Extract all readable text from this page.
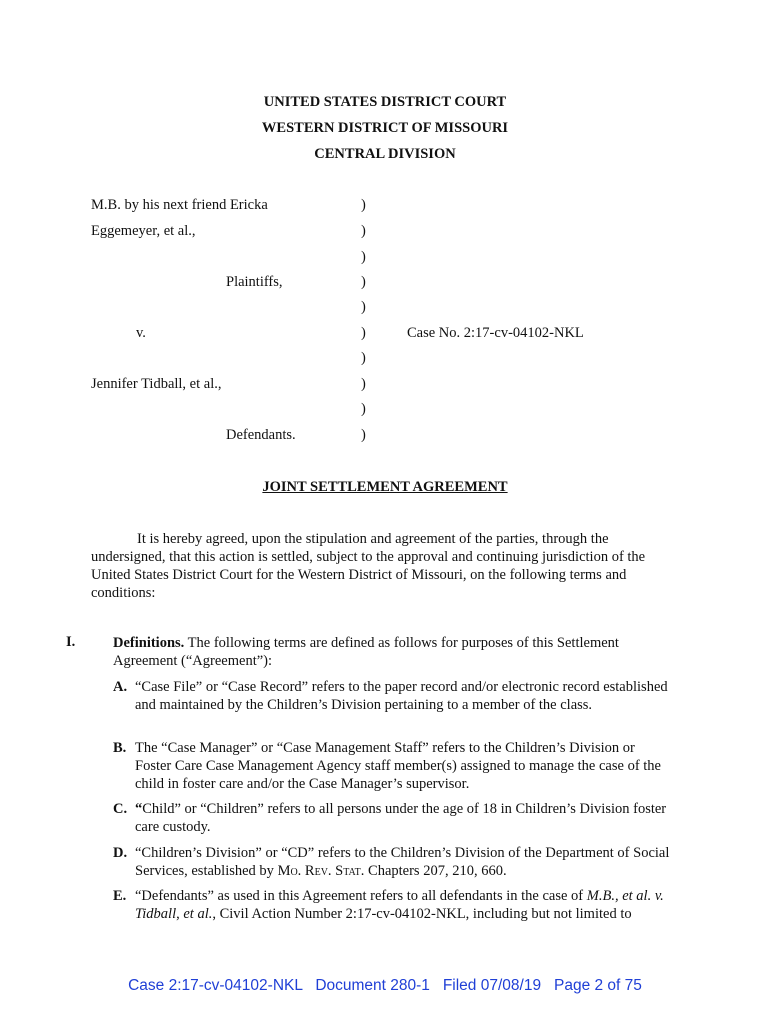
UNITED STATES DISTRICT COURT
WESTERN DISTRICT OF MISSOURI
CENTRAL DIVISION
M.B. by his next friend Ericka
Eggemeyer, et al.,
Plaintiffs,
v.
Jennifer Tidball, et al.,
Defendants.
)
)
)
)
)
)
)
)
)
)
Case No. 2:17-cv-04102-NKL
JOINT SETTLEMENT AGREEMENT
It is hereby agreed, upon the stipulation and agreement of the parties, through the undersigned, that this action is settled, subject to the approval and continuing jurisdiction of the United States District Court for the Western District of Missouri, on the following terms and conditions:
I.	Definitions. The following terms are defined as follows for purposes of this Settlement Agreement (“Agreement”):
A. “Case File” or “Case Record” refers to the paper record and/or electronic record established and maintained by the Children’s Division pertaining to a member of the class.
B. The “Case Manager” or “Case Management Staff” refers to the Children’s Division or Foster Care Case Management Agency staff member(s) assigned to manage the case of the child in foster care and/or the Case Manager’s supervisor.
C. “Child” or “Children” refers to all persons under the age of 18 in Children’s Division foster care custody.
D. “Children’s Division” or “CD” refers to the Children’s Division of the Department of Social Services, established by Mo. Rev. Stat. Chapters 207, 210, 660.
E. “Defendants” as used in this Agreement refers to all defendants in the case of M.B., et al. v. Tidball, et al., Civil Action Number 2:17-cv-04102-NKL, including but not limited to
Case 2:17-cv-04102-NKL   Document 280-1   Filed 07/08/19   Page 2 of 75
